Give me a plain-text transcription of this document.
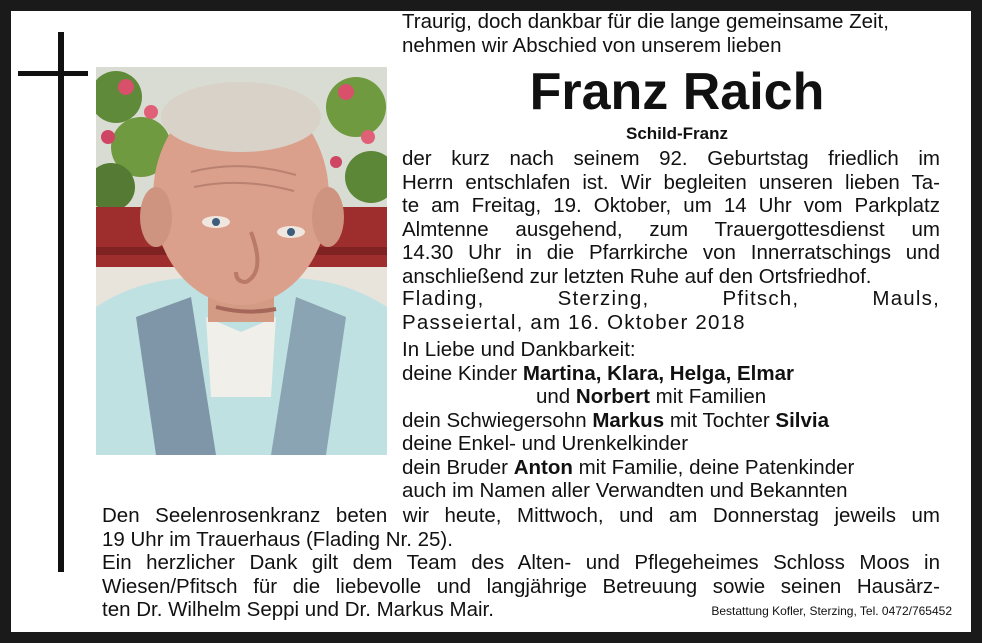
Traurig, doch dankbar für die lange gemeinsame Zeit,
nehmen wir Abschied von unserem lieben
Franz Raich
Schild-Franz
der kurz nach seinem 92. Geburtstag friedlich im
Herrn entschlafen ist. Wir begleiten unseren lieben Ta-
te am Freitag, 19. Oktober, um 14 Uhr vom Parkplatz
Almtenne ausgehend, zum Trauergottesdienst um
14.30 Uhr in die Pfarrkirche von Innerratschings und
anschließend zur letzten Ruhe auf den Ortsfriedhof.
Flading, Sterzing, Pfitsch, Mauls,
Passeiertal, am 16. Oktober 2018
In Liebe und Dankbarkeit:
deine Kinder Martina, Klara, Helga, Elmar
und Norbert mit Familien
dein Schwiegersohn Markus mit Tochter Silvia
deine Enkel- und Urenkelkinder
dein Bruder Anton mit Familie, deine Patenkinder
auch im Namen aller Verwandten und Bekannten
Den Seelenrosenkranz beten wir heute, Mittwoch, und am Donnerstag jeweils um
19 Uhr im Trauerhaus (Flading Nr. 25).
Ein herzlicher Dank gilt dem Team des Alten- und Pflegeheimes Schloss Moos in
Wiesen/Pfitsch für die liebevolle und langjährige Betreuung sowie seinen Hausärz-
ten Dr. Wilhelm Seppi und Dr. Markus Mair.	Bestattung Kofler, Sterzing, Tel. 0472/765452
